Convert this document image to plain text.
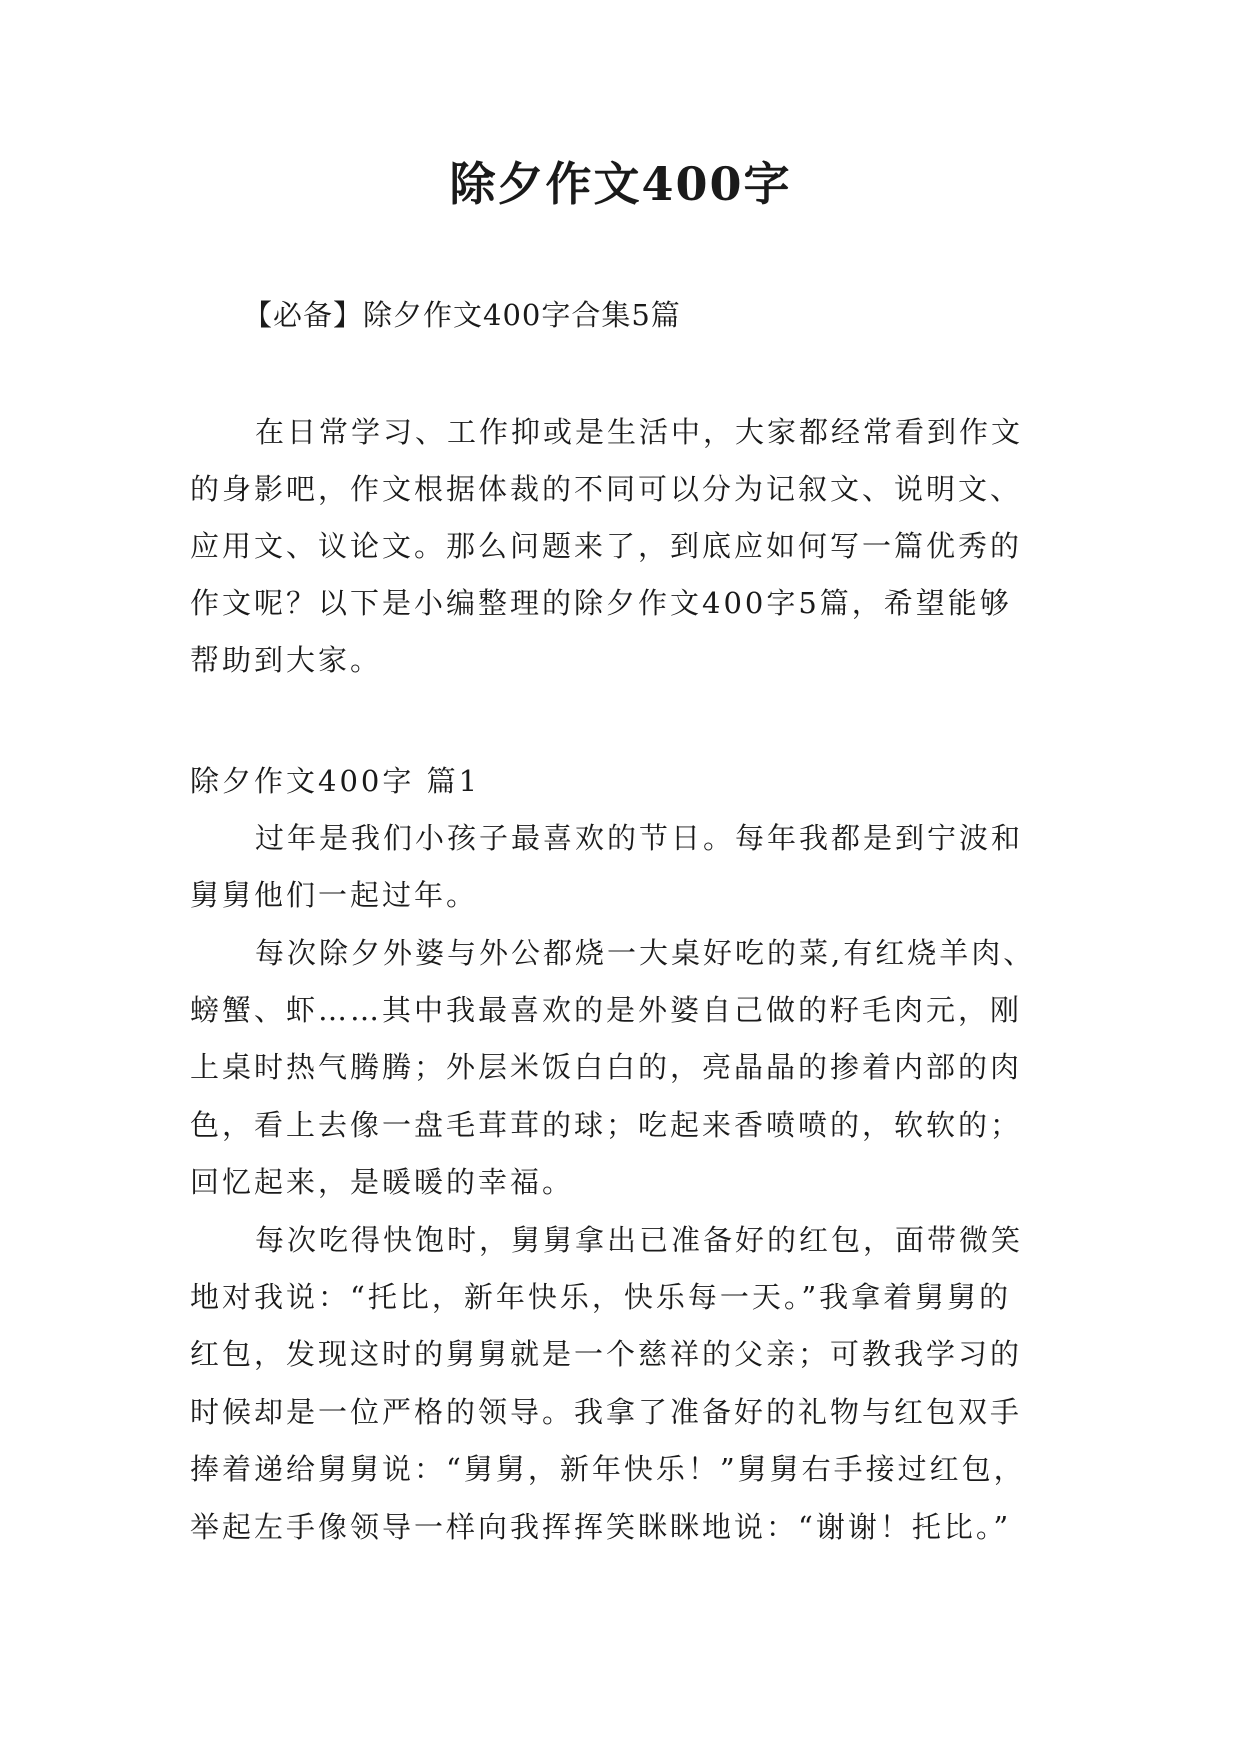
除夕作文400字
【必备】除夕作文400字合集5篇
在日常学习、工作抑或是生活中，大家都经常看到作文
的身影吧，作文根据体裁的不同可以分为记叙文、说明文、
应用文、议论文。那么问题来了，到底应如何写一篇优秀的
作文呢？以下是小编整理的除夕作文400字5篇，希望能够
帮助到大家。
除夕作文400字 篇1
过年是我们小孩子最喜欢的节日。每年我都是到宁波和
舅舅他们一起过年。
每次除夕外婆与外公都烧一大桌好吃的菜,有红烧羊肉、
螃蟹、虾……其中我最喜欢的是外婆自己做的籽毛肉元，刚
上桌时热气腾腾；外层米饭白白的，亮晶晶的掺着内部的肉
色，看上去像一盘毛茸茸的球；吃起来香喷喷的，软软的；
回忆起来，是暖暖的幸福。
每次吃得快饱时，舅舅拿出已准备好的红包，面带微笑
地对我说：“托比，新年快乐，快乐每一天。”我拿着舅舅的
红包，发现这时的舅舅就是一个慈祥的父亲；可教我学习的
时候却是一位严格的领导。我拿了准备好的礼物与红包双手
捧着递给舅舅说：“舅舅，新年快乐！”舅舅右手接过红包，
举起左手像领导一样向我挥挥笑眯眯地说：“谢谢！托比。”
